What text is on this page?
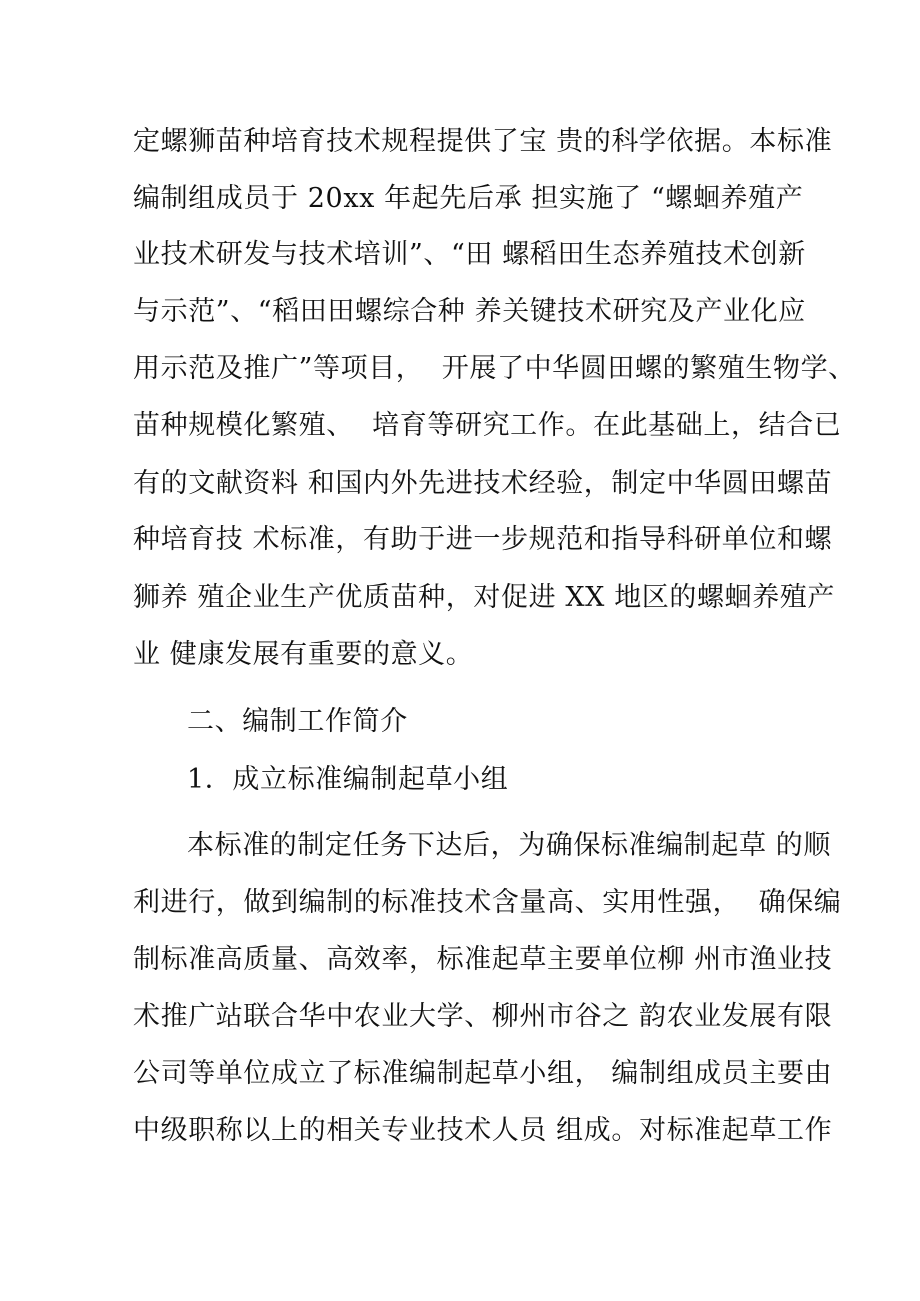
定螺狮苗种培育技术规程提供了宝 贵的科学依据。本标准
编制组成员于 20xx 年起先后承 担实施了 “螺蛔养殖产
业技术研发与技术培训”、“田 螺稻田生态养殖技术创新
与示范”、“稻田田螺综合种 养关键技术研究及产业化应
用示范及推广”等项目，  开展了中华圆田螺的繁殖生物学、
苗种规模化繁殖、  培育等研究工作。在此基础上，结合已
有的文献资料 和国内外先进技术经验，制定中华圆田螺苗
种培育技 术标准，有助于进一步规范和指导科研单位和螺
狮养 殖企业生产优质苗种，对促进 XX 地区的螺蛔养殖产
业 健康发展有重要的意义。
二、编制工作简介
1．成立标准编制起草小组
本标准的制定任务下达后，为确保标准编制起草 的顺
利进行，做到编制的标准技术含量高、实用性强，  确保编
制标准高质量、高效率，标准起草主要单位柳 州市渔业技
术推广站联合华中农业大学、柳州市谷之 韵农业发展有限
公司等单位成立了标准编制起草小组， 编制组成员主要由
中级职称以上的相关专业技术人员 组成。对标准起草工作
